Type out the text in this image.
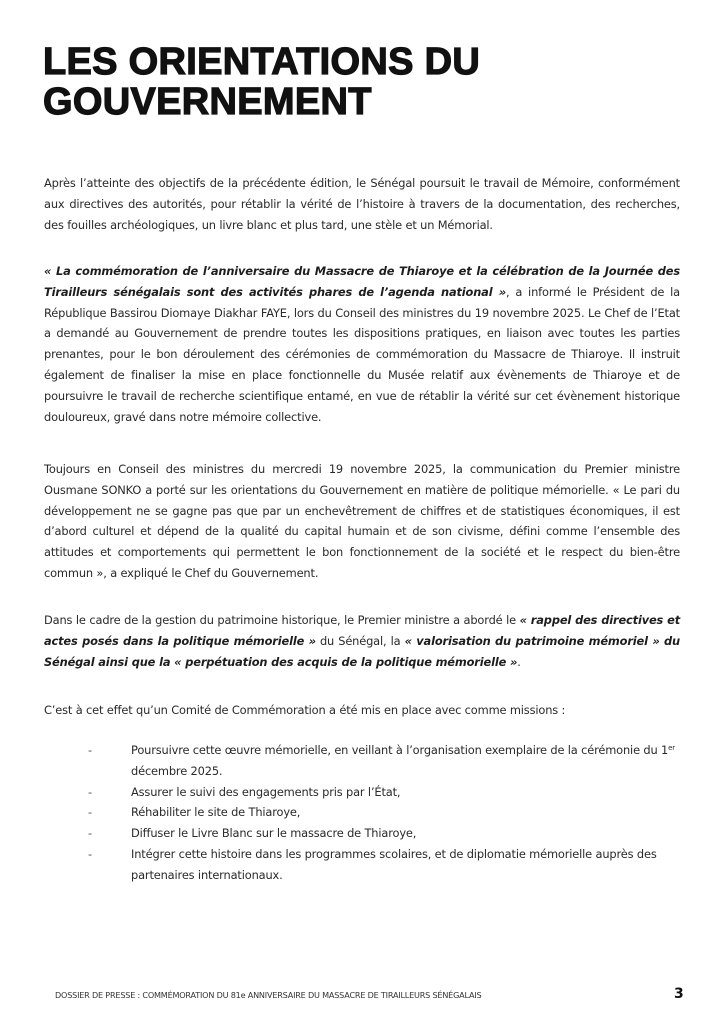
LES ORIENTATIONS DU
GOUVERNEMENT

Après l’atteinte des objectifs de la précédente édition, le Sénégal poursuit le travail de Mémoire, conformément aux directives des autorités, pour rétablir la vérité de l’histoire à travers de la documentation, des recherches, des fouilles archéologiques, un livre blanc et plus tard, une stèle et un Mémorial.

« La commémoration de l’anniversaire du Massacre de Thiaroye et la célébration de la Journée des Tirailleurs sénégalais sont des activités phares de l’agenda national », a informé le Président de la République Bassirou Diomaye Diakhar FAYE, lors du Conseil des ministres du 19 novembre 2025. Le Chef de l’Etat a demandé au Gouvernement de prendre toutes les dispositions pratiques, en liaison avec toutes les parties prenantes, pour le bon déroulement des cérémonies de commémoration du Massacre de Thiaroye. Il instruit également de finaliser la mise en place fonctionnelle du Musée relatif aux évènements de Thiaroye et de poursuivre le travail de recherche scientifique entamé, en vue de rétablir la vérité sur cet évènement historique douloureux, gravé dans notre mémoire collective.

Toujours en Conseil des ministres du mercredi 19 novembre 2025, la communication du Premier ministre Ousmane SONKO a porté sur les orientations du Gouvernement en matière de politique mémorielle. « Le pari du développement ne se gagne pas que par un enchevêtrement de chiffres et de statistiques économiques, il est d’abord culturel et dépend de la qualité du capital humain et de son civisme, défini comme l’ensemble des attitudes et comportements qui permettent le bon fonctionnement de la société et le respect du bien-être commun », a expliqué le Chef du Gouvernement.

Dans le cadre de la gestion du patrimoine historique, le Premier ministre a abordé le « rappel des directives et actes posés dans la politique mémorielle » du Sénégal, la « valorisation du patrimoine mémoriel » du Sénégal ainsi que la « perpétuation des acquis de la politique mémorielle ».

C’est à cet effet qu’un Comité de Commémoration a été mis en place avec comme missions :

-	Poursuivre cette œuvre mémorielle, en veillant à l’organisation exemplaire de la cérémonie du 1er décembre 2025.
-	Assurer le suivi des engagements pris par l’État,
-	Réhabiliter le site de Thiaroye,
-	Diffuser le Livre Blanc sur le massacre de Thiaroye,
-	Intégrer cette histoire dans les programmes scolaires, et de diplomatie mémorielle auprès des partenaires internationaux.
DOSSIER DE PRESSE : COMMÉMORATION DU 81e ANNIVERSAIRE DU MASSACRE DE TIRAILLEURS SÉNÉGALAIS	3
